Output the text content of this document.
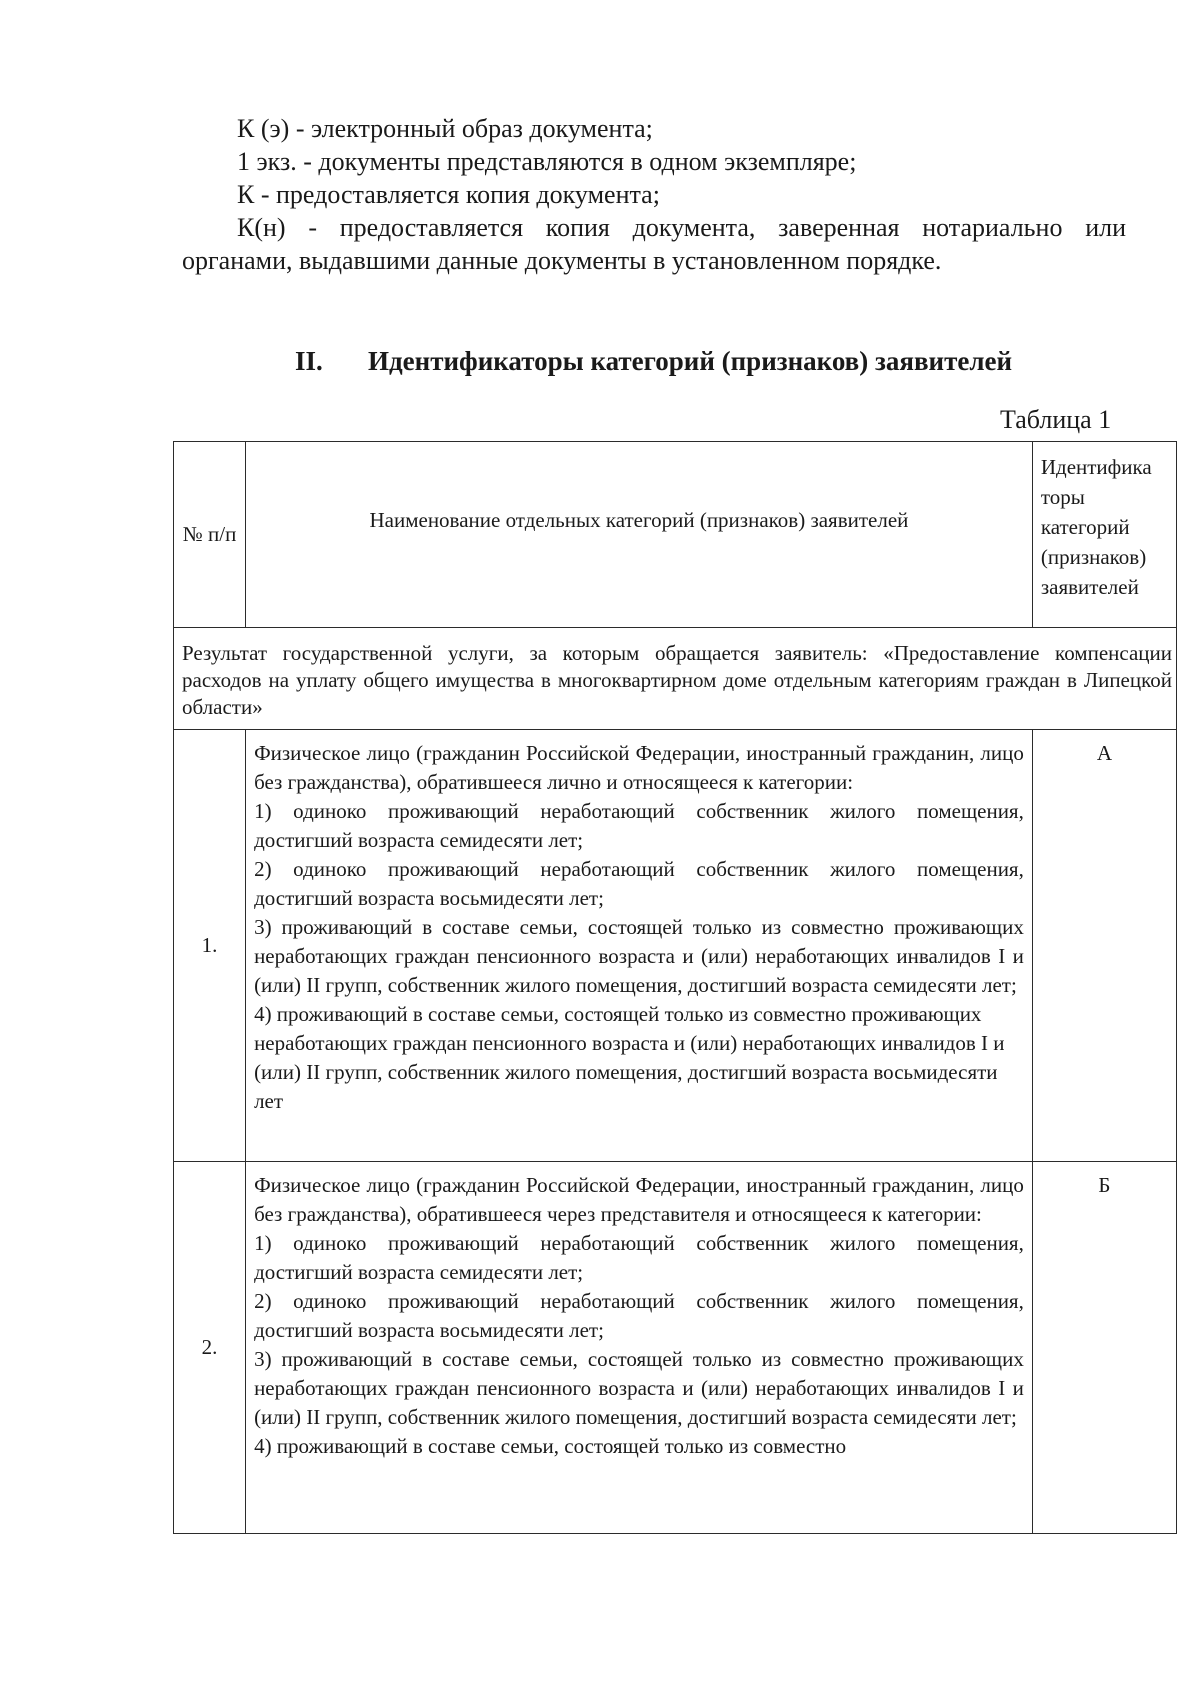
К (э) - электронный образ документа;

1 экз. - документы представляются в одном экземпляре;

К - предоставляется копия документа;

К(н) - предоставляется копия документа, заверенная нотариально или органами, выдавшими данные документы в установленном порядке.

II. Идентификаторы категорий (признаков) заявителей
Таблица 1
№ п/п	Наименование отдельных категорий (признаков) заявителей	Идентифика торы категорий (признаков) заявителей
Результат государственной услуги, за которым обращается заявитель: «Предоставление компенсации расходов на уплату общего имущества в многоквартирном доме отдельным категориям граждан в Липецкой области»		
1.	Физическое лицо (гражданин Российской Федерации, иностранный гражданин, лицо без гражданства), обратившееся лично и относящееся к категории:

1) одиноко проживающий неработающий собственник жилого помещения, достигший возраста семидесяти лет;

2) одиноко проживающий неработающий собственник жилого помещения, достигший возраста восьмидесяти лет;

3) проживающий в составе семьи, состоящей только из совместно проживающих неработающих граждан пенсионного возраста и (или) неработающих инвалидов I и (или) II групп, собственник жилого помещения, достигший возраста семидесяти лет;

4) проживающий в составе семьи, состоящей только из совместно проживающих неработающих граждан пенсионного возраста и (или) неработающих инвалидов I и (или) II групп, собственник жилого помещения, достигший возраста восьмидесяти лет	А
2.	Физическое лицо (гражданин Российской Федерации, иностранный гражданин, лицо без гражданства), обратившееся через представителя и относящееся к категории:

1) одиноко проживающий неработающий собственник жилого помещения, достигший возраста семидесяти лет;

2) одиноко проживающий неработающий собственник жилого помещения, достигший возраста восьмидесяти лет;

3) проживающий в составе семьи, состоящей только из совместно проживающих неработающих граждан пенсионного возраста и (или) неработающих инвалидов I и (или) II групп, собственник жилого помещения, достигший возраста семидесяти лет;

4) проживающий в составе семьи, состоящей только из совместно	Б
